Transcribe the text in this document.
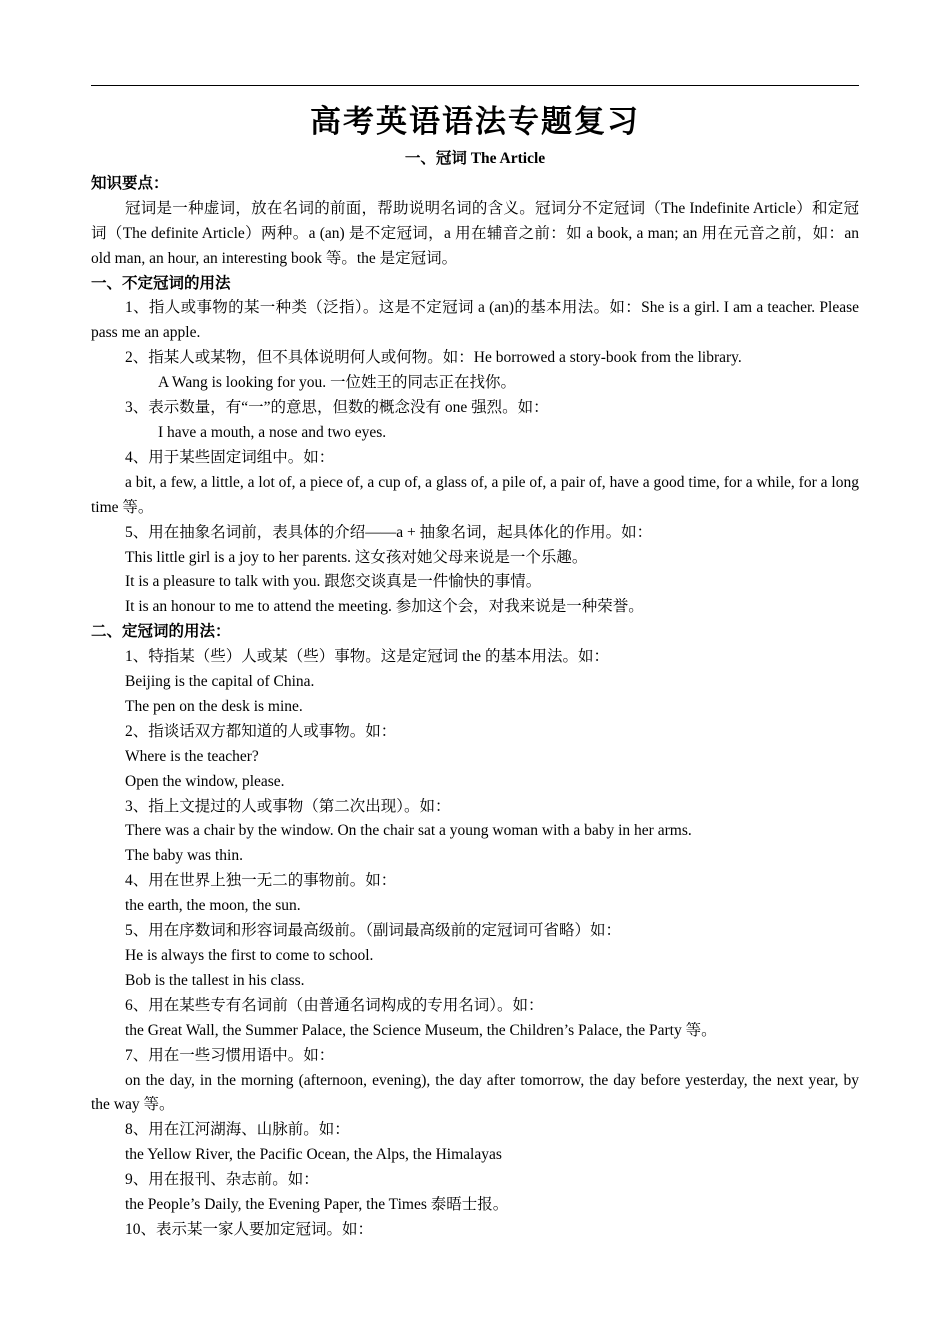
高考英语语法专题复习
一、冠词 The Article
知识要点：
冠词是一种虚词，放在名词的前面，帮助说明名词的含义。冠词分不定冠词（The Indefinite Article）和定冠词（The definite Article）两种。a (an) 是不定冠词，a 用在辅音之前：如 a book, a man; an 用在元音之前，如：an old man, an hour, an interesting book 等。the 是定冠词。
一、不定冠词的用法
1、指人或事物的某一种类（泛指）。这是不定冠词 a (an)的基本用法。如：She is a girl. I am a teacher. Please pass me an apple.
2、指某人或某物，但不具体说明何人或何物。如：He borrowed a story-book from the library.
A Wang is looking for you. 一位姓王的同志正在找你。
3、表示数量，有“一”的意思，但数的概念没有 one 强烈。如：
I have a mouth, a nose and two eyes.
4、用于某些固定词组中。如：
a bit, a few, a little, a lot of, a piece of, a cup of, a glass of, a pile of, a pair of, have a good time, for a while, for a long time 等。
5、用在抽象名词前，表具体的介绍——a + 抽象名词，起具体化的作用。如：
This little girl is a joy to her parents. 这女孩对她父母来说是一个乐趣。
It is a pleasure to talk with you. 跟您交谈真是一件愉快的事情。
It is an honour to me to attend the meeting. 参加这个会，对我来说是一种荣誉。
二、定冠词的用法：
1、特指某（些）人或某（些）事物。这是定冠词 the 的基本用法。如：
Beijing is the capital of China.
The pen on the desk is mine.
2、指谈话双方都知道的人或事物。如：
Where is the teacher?
Open the window, please.
3、指上文提过的人或事物（第二次出现）。如：
There was a chair by the window. On the chair sat a young woman with a baby in her arms.
The baby was thin.
4、用在世界上独一无二的事物前。如：
the earth, the moon, the sun.
5、用在序数词和形容词最高级前。（副词最高级前的定冠词可省略）如：
He is always the first to come to school.
Bob is the tallest in his class.
6、用在某些专有名词前（由普通名词构成的专用名词）。如：
the Great Wall, the Summer Palace, the Science Museum, the Children’s Palace, the Party 等。
7、用在一些习惯用语中。如：
on the day, in the morning (afternoon, evening), the day after tomorrow, the day before yesterday, the next year, by the way 等。
8、用在江河湖海、山脉前。如：
the Yellow River, the Pacific Ocean, the Alps, the Himalayas
9、用在报刊、杂志前。如：
the People’s Daily, the Evening Paper, the Times 泰晤士报。
10、表示某一家人要加定冠词。如：
